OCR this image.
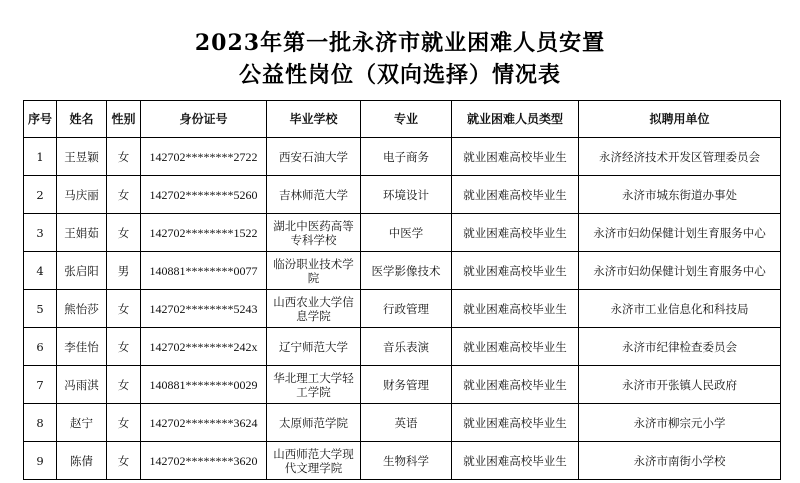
2023年第一批永济市就业困难人员安置
公益性岗位（双向选择）情况表
序号	姓名	性别	身份证号	毕业学校	专业	就业困难人员类型	拟聘用单位
1	王昱颖	女	142702********2722	西安石油大学	电子商务	就业困难高校毕业生	永济经济技术开发区管理委员会
2	马庆丽	女	142702********5260	吉林师范大学	环境设计	就业困难高校毕业生	永济市城东街道办事处
3	王娟茹	女	142702********1522	湖北中医药高等专科学校	中医学	就业困难高校毕业生	永济市妇幼保健计划生育服务中心
4	张启阳	男	140881********0077	临汾职业技术学院	医学影像技术	就业困难高校毕业生	永济市妇幼保健计划生育服务中心
5	熊怡莎	女	142702********5243	山西农业大学信息学院	行政管理	就业困难高校毕业生	永济市工业信息化和科技局
6	李佳怡	女	142702********242x	辽宁师范大学	音乐表演	就业困难高校毕业生	永济市纪律检查委员会
7	冯雨淇	女	140881********0029	华北理工大学轻工学院	财务管理	就业困难高校毕业生	永济市开张镇人民政府
8	赵宁	女	142702********3624	太原师范学院	英语	就业困难高校毕业生	永济市柳宗元小学
9	陈倩	女	142702********3620	山西师范大学现代文理学院	生物科学	就业困难高校毕业生	永济市南街小学校
